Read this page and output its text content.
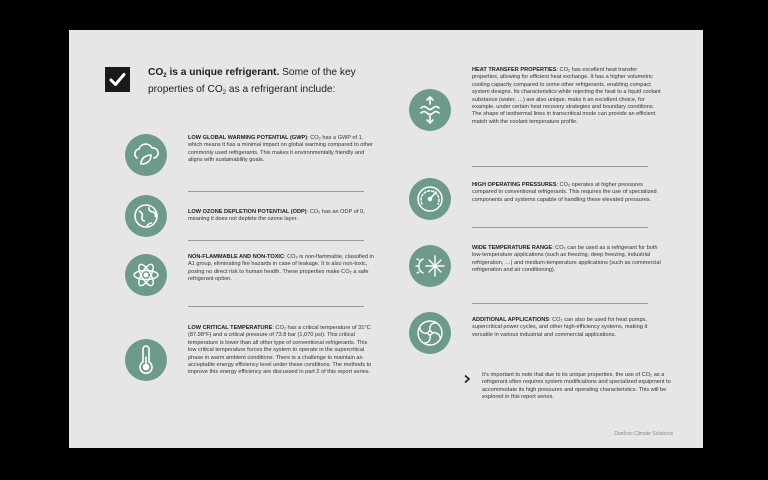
$CO_2$ is a unique refrigerant. Some of the key properties of $CO_2$ as a refrigerant include:
LOW GLOBAL WARMING POTENTIAL (GWP): CO₂ has a GWP of 1, which means it has a minimal impact on global warming compared to other commonly used refrigerants. This makes it environmentally friendly and aligns with sustainability goals.
LOW OZONE DEPLETION POTENTIAL (ODP): CO₂ has an ODP of 0, meaning it does not deplete the ozone layer.
NON-FLAMMABLE AND NON-TOXIC: CO₂ is non-flammable, classified in A1 group, eliminating fire hazards in case of leakage. It is also non-toxic, posing no direct risk to human health. These properties make CO₂ a safe refrigerant option.
LOW CRITICAL TEMPERATURE: CO₂ has a critical temperature of 31°C (87.98°F) and a critical pressure of 73.8 bar (1,070 psi). This critical temperature is lower than all other type of conventional refrigerants. This low critical temperature forces the system to operate in the supercritical phase in warm ambient conditions. There is a challenge to maintain an acceptable energy efficiency level under these conditions. The methods to improve this energy efficiency are discussed in part 2 of this report series.
HEAT TRANSFER PROPERTIES: CO₂ has excellent heat transfer properties, allowing for efficient heat exchange. It has a higher volumetric cooling capacity compared to some other refrigerants, enabling compact system designs. Its characteristics while rejecting the heat to a liquid coolant substance (water, …) are also unique, make it an excellent choice, for example, under certain heat recovery strategies and boundary conditions. The shape of isothermal lines in transcritical mode can provide an efficient match with the coolant temperature profile.
HIGH OPERATING PRESSURES: CO₂ operates at higher pressures compared to conventional refrigerants. This requires the use of specialized components and systems capable of handling these elevated pressures.
WIDE TEMPERATURE RANGE: CO₂ can be used as a refrigerant for both low-temperature applications (such as freezing, deep freezing, industrial refrigeration, …) and medium-temperature applications (such as commercial refrigeration and air conditioning).
ADDITIONAL APPLICATIONS: CO₂ can also be used for heat pumps, supercritical power cycles, and other high-efficiency systems, making it versatile in various industrial and commercial applications.
It's important to note that due to its unique properties, the use of CO₂ as a refrigerant often requires system modifications and specialized equipment to accommodate its high pressures and operating characteristics. This will be explored in this report series.
Danfoss Climate Solutions
